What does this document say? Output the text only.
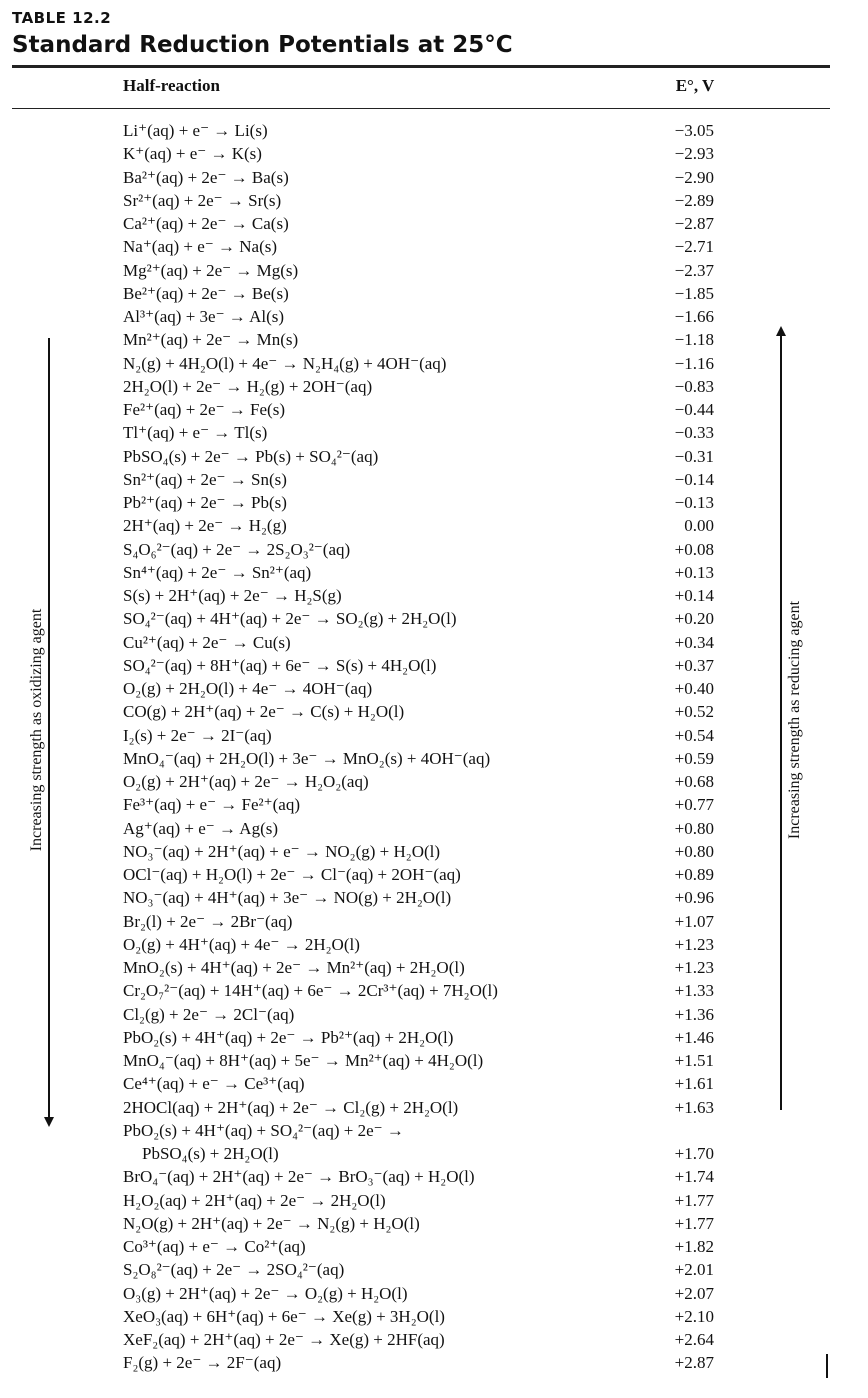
TABLE 12.2
Standard Reduction Potentials at 25°C
Half-reaction	E°, V
Li⁺(aq) + e⁻ → Li(s)	−3.05
K⁺(aq) + e⁻ → K(s)	−2.93
Ba²⁺(aq) + 2e⁻ → Ba(s)	−2.90
Sr²⁺(aq) + 2e⁻ → Sr(s)	−2.89
Ca²⁺(aq) + 2e⁻ → Ca(s)	−2.87
Na⁺(aq) + e⁻ → Na(s)	−2.71
Mg²⁺(aq) + 2e⁻ → Mg(s)	−2.37
Be²⁺(aq) + 2e⁻ → Be(s)	−1.85
Al³⁺(aq) + 3e⁻ → Al(s)	−1.66
Mn²⁺(aq) + 2e⁻ → Mn(s)	−1.18
N₂(g) + 4H₂O(l) + 4e⁻ → N₂H₄(g) + 4OH⁻(aq)	−1.16
2H₂O(l) + 2e⁻ → H₂(g) + 2OH⁻(aq)	−0.83
Fe²⁺(aq) + 2e⁻ → Fe(s)	−0.44
Tl⁺(aq) + e⁻ → Tl(s)	−0.33
PbSO₄(s) + 2e⁻ → Pb(s) + SO₄²⁻(aq)	−0.31
Sn²⁺(aq) + 2e⁻ → Sn(s)	−0.14
Pb²⁺(aq) + 2e⁻ → Pb(s)	−0.13
2H⁺(aq) + 2e⁻ → H₂(g)	0.00
S₄O₆²⁻(aq) + 2e⁻ → 2S₂O₃²⁻(aq)	+0.08
Sn⁴⁺(aq) + 2e⁻ → Sn²⁺(aq)	+0.13
S(s) + 2H⁺(aq) + 2e⁻ → H₂S(g)	+0.14
SO₄²⁻(aq) + 4H⁺(aq) + 2e⁻ → SO₂(g) + 2H₂O(l)	+0.20
Cu²⁺(aq) + 2e⁻ → Cu(s)	+0.34
SO₄²⁻(aq) + 8H⁺(aq) + 6e⁻ → S(s) + 4H₂O(l)	+0.37
O₂(g) + 2H₂O(l) + 4e⁻ → 4OH⁻(aq)	+0.40
CO(g) + 2H⁺(aq) + 2e⁻ → C(s) + H₂O(l)	+0.52
I₂(s) + 2e⁻ → 2I⁻(aq)	+0.54
MnO₄⁻(aq) + 2H₂O(l) + 3e⁻ → MnO₂(s) + 4OH⁻(aq)	+0.59
O₂(g) + 2H⁺(aq) + 2e⁻ → H₂O₂(aq)	+0.68
Fe³⁺(aq) + e⁻ → Fe²⁺(aq)	+0.77
Ag⁺(aq) + e⁻ → Ag(s)	+0.80
NO₃⁻(aq) + 2H⁺(aq) + e⁻ → NO₂(g) + H₂O(l)	+0.80
OCl⁻(aq) + H₂O(l) + 2e⁻ → Cl⁻(aq) + 2OH⁻(aq)	+0.89
NO₃⁻(aq) + 4H⁺(aq) + 3e⁻ → NO(g) + 2H₂O(l)	+0.96
Br₂(l) + 2e⁻ → 2Br⁻(aq)	+1.07
O₂(g) + 4H⁺(aq) + 4e⁻ → 2H₂O(l)	+1.23
MnO₂(s) + 4H⁺(aq) + 2e⁻ → Mn²⁺(aq) + 2H₂O(l)	+1.23
Cr₂O₇²⁻(aq) + 14H⁺(aq) + 6e⁻ → 2Cr³⁺(aq) + 7H₂O(l)	+1.33
Cl₂(g) + 2e⁻ → 2Cl⁻(aq)	+1.36
PbO₂(s) + 4H⁺(aq) + 2e⁻ → Pb²⁺(aq) + 2H₂O(l)	+1.46
MnO₄⁻(aq) + 8H⁺(aq) + 5e⁻ → Mn²⁺(aq) + 4H₂O(l)	+1.51
Ce⁴⁺(aq) + e⁻ → Ce³⁺(aq)	+1.61
2HOCl(aq) + 2H⁺(aq) + 2e⁻ → Cl₂(g) + 2H₂O(l)	+1.63
PbO₂(s) + 4H⁺(aq) + SO₄²⁻(aq) + 2e⁻ →
PbSO₄(s) + 2H₂O(l)	+1.70
BrO₄⁻(aq) + 2H⁺(aq) + 2e⁻ → BrO₃⁻(aq) + H₂O(l)	+1.74
H₂O₂(aq) + 2H⁺(aq) + 2e⁻ → 2H₂O(l)	+1.77
N₂O(g) + 2H⁺(aq) + 2e⁻ → N₂(g) + H₂O(l)	+1.77
Co³⁺(aq) + e⁻ → Co²⁺(aq)	+1.82
S₂O₈²⁻(aq) + 2e⁻ → 2SO₄²⁻(aq)	+2.01
O₃(g) + 2H⁺(aq) + 2e⁻ → O₂(g) + H₂O(l)	+2.07
XeO₃(aq) + 6H⁺(aq) + 6e⁻ → Xe(g) + 3H₂O(l)	+2.10
XeF₂(aq) + 2H⁺(aq) + 2e⁻ → Xe(g) + 2HF(aq)	+2.64
F₂(g) + 2e⁻ → 2F⁻(aq)	+2.87
Increasing strength as oxidizing agent	Increasing strength as reducing agent
